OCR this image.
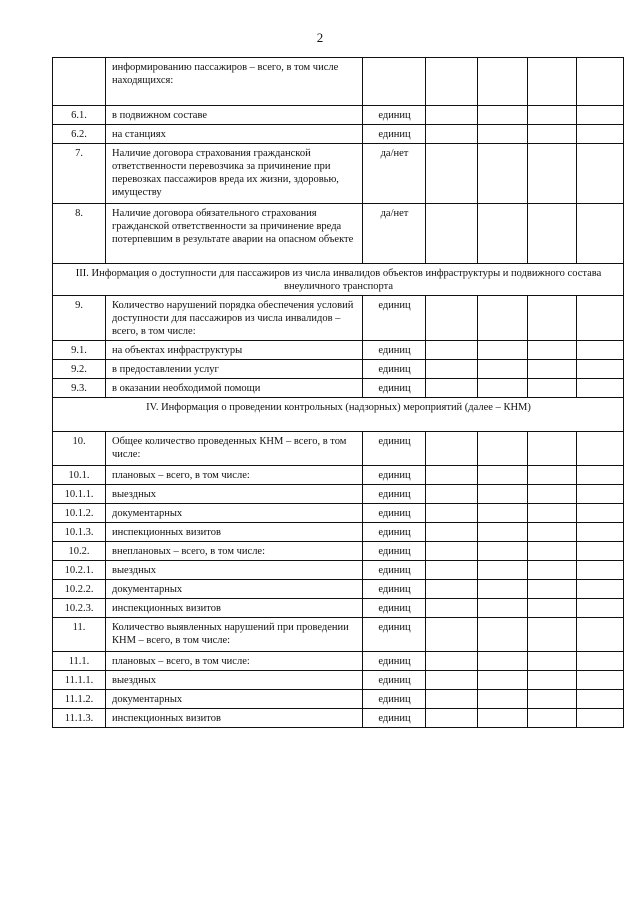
2
	информированию пассажиров – всего, в том числе находящихся:					
6.1.	в подвижном составе	единиц				
6.2.	на станциях	единиц				
7.	Наличие договора страхования гражданской ответственности перевозчика за причинение при перевозках пассажиров вреда их жизни, здоровью, имуществу	да/нет				
8.	Наличие договора обязательного страхования гражданской ответственности за причинение вреда потерпевшим в результате аварии на опасном объекте	да/нет				
III. Информация о доступности для пассажиров из числа инвалидов объектов инфраструктуры и подвижного состава внеуличного транспорта						
9.	Количество нарушений порядка обеспечения условий доступности для пассажиров из числа инвалидов – всего, в том числе:	единиц				
9.1.	на объектах инфраструктуры	единиц				
9.2.	в предоставлении услуг	единиц				
9.3.	в оказании необходимой помощи	единиц				
IV. Информация о проведении контрольных (надзорных) мероприятий (далее – КНМ)						
10.	Общее количество проведенных КНМ – всего, в том числе:	единиц				
10.1.	плановых – всего, в том числе:	единиц				
10.1.1.	выездных	единиц				
10.1.2.	документарных	единиц				
10.1.3.	инспекционных визитов	единиц				
10.2.	внеплановых – всего, в том числе:	единиц				
10.2.1.	выездных	единиц				
10.2.2.	документарных	единиц				
10.2.3.	инспекционных визитов	единиц				
11.	Количество выявленных нарушений при проведении КНМ – всего, в том числе:	единиц				
11.1.	плановых – всего, в том числе:	единиц				
11.1.1.	выездных	единиц				
11.1.2.	документарных	единиц				
11.1.3.	инспекционных визитов	единиц				
